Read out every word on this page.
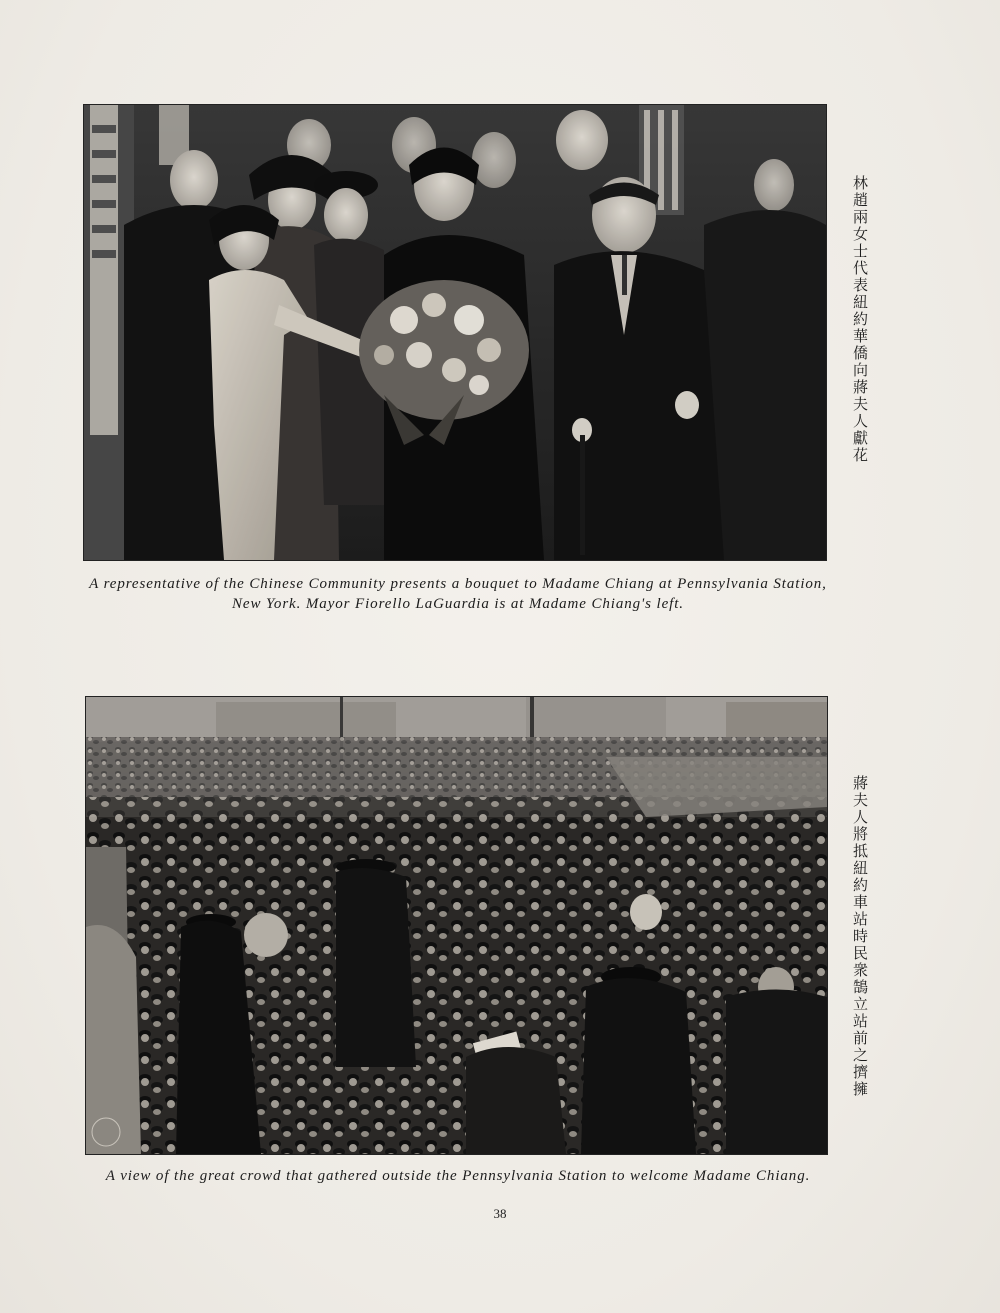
A representative of the Chinese Community presents a bouquet to Madame Chiang at Pennsylvania Station, New York. Mayor Fiorello LaGuardia is at Madame Chiang's left.
林趙兩女士代表紐約華僑向蔣夫人獻花
A view of the great crowd that gathered outside the Pennsylvania Station to welcome Madame Chiang.
蔣夫人將抵紐約車站時民衆鵠立站前之擠擁
38
